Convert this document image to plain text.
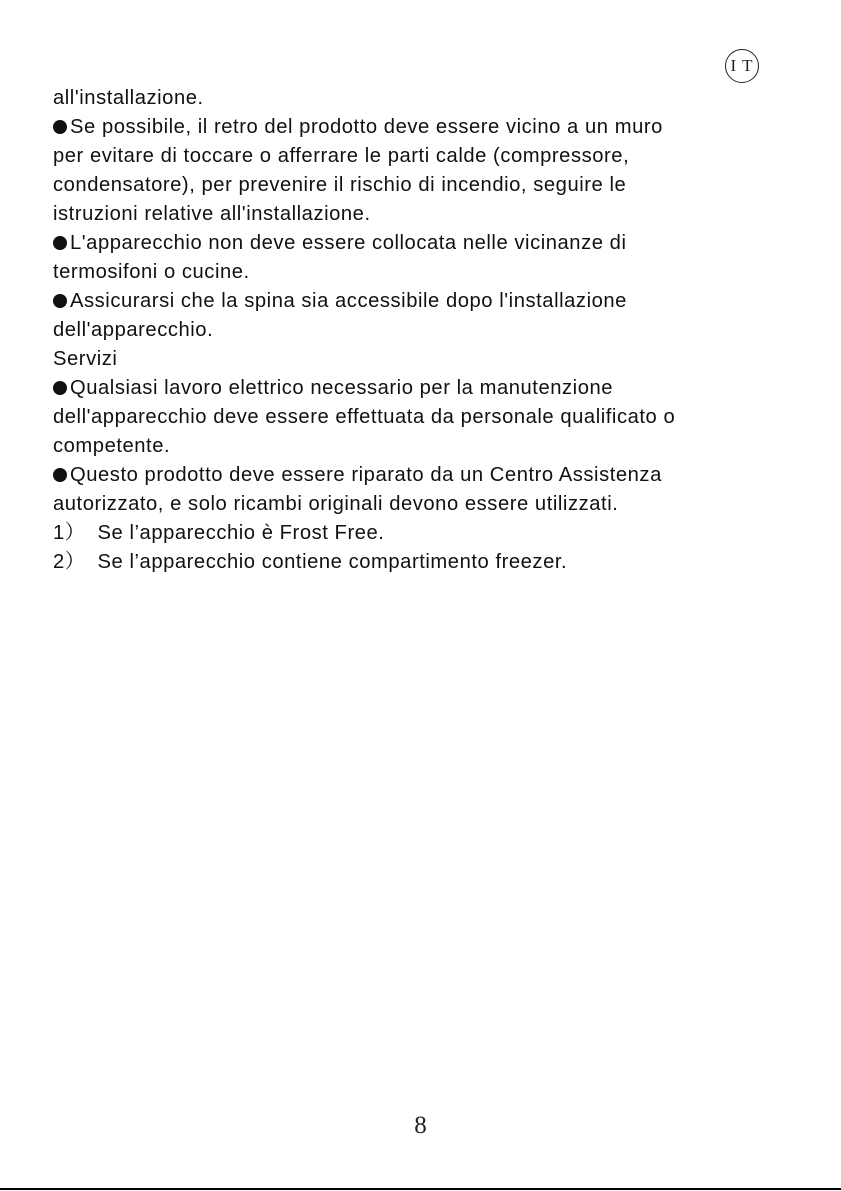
I T
all'installazione.
Se possibile, il retro del prodotto deve essere vicino a un muro
per evitare di toccare o afferrare le parti calde (compressore,
condensatore), per prevenire il rischio di incendio, seguire le
istruzioni relative all'installazione.
L'apparecchio non deve essere collocata nelle vicinanze di
termosifoni o cucine.
Assicurarsi che la spina sia accessibile dopo l'installazione
dell'apparecchio.
Servizi
Qualsiasi lavoro elettrico necessario per la manutenzione
dell'apparecchio deve essere effettuata da personale qualificato o
competente.
Questo prodotto deve essere riparato da un Centro Assistenza
autorizzato, e solo ricambi originali devono essere utilizzati.
1） Se l’apparecchio è Frost Free.
2） Se l’apparecchio contiene compartimento freezer.
8
